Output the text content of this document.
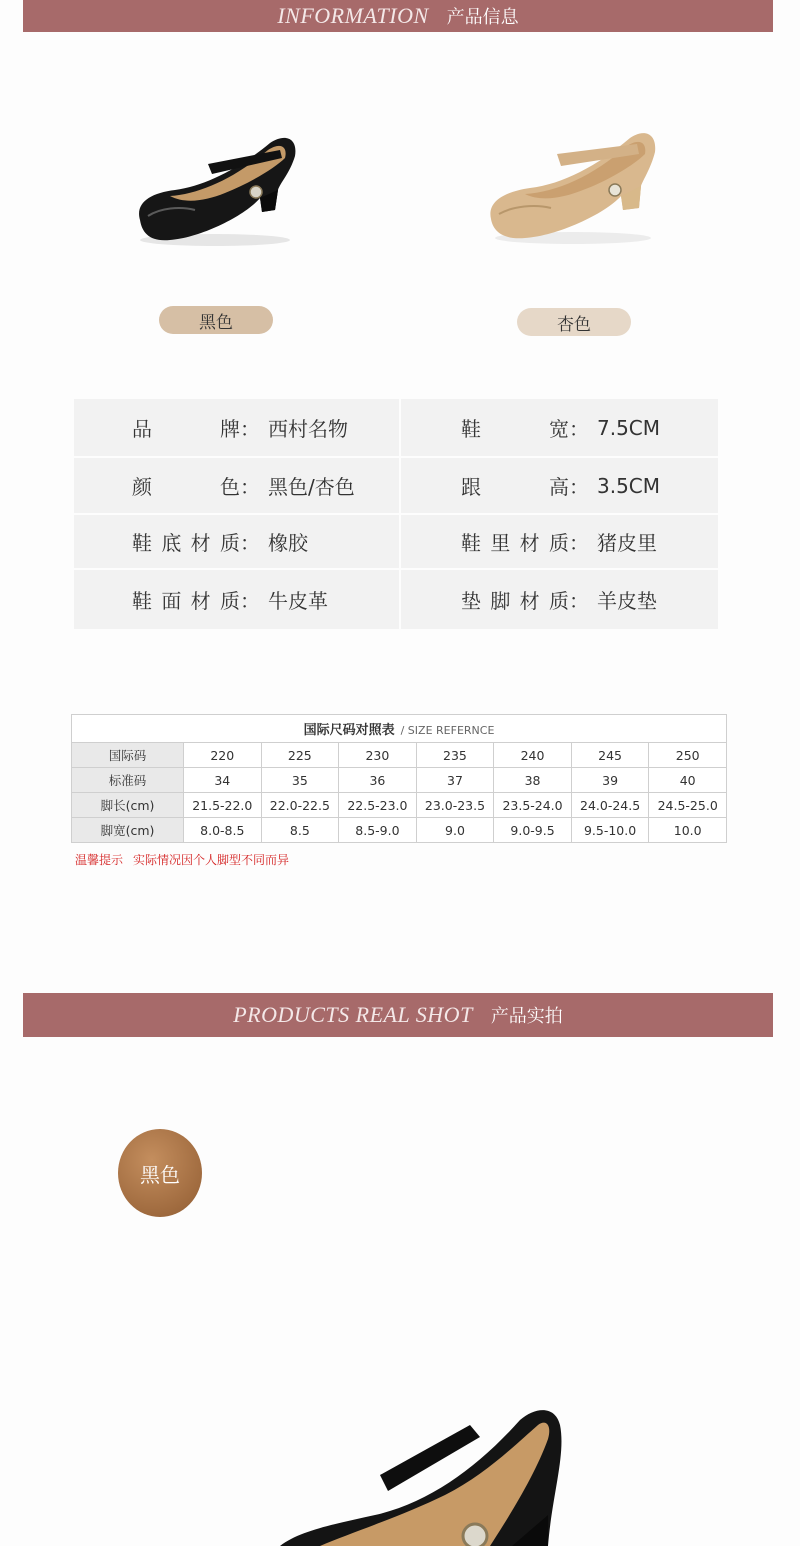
INFORMATION 产品信息
黑色	杏色
品牌 ： 西村名物	鞋宽 ： 7.5CM
颜色 ： 黑色/杏色	跟高 ： 3.5CM
鞋底材质 ： 橡胶	鞋里材质 ： 猪皮里
鞋面材质 ： 牛皮革	垫脚材质 ： 羊皮垫
国际尺码对照表 / SIZE REFERNCE							
国际码	220	225	230	235	240	245	250
标准码	34	35	36	37	38	39	40
脚长(cm)	21.5-22.0	22.0-22.5	22.5-23.0	23.0-23.5	23.5-24.0	24.0-24.5	24.5-25.0
脚宽(cm)	8.0-8.5	8.5	8.5-9.0	9.0	9.0-9.5	9.5-10.0	10.0
温馨提示 实际情况因个人脚型不同而异
PRODUCTS REAL SHOT 产品实拍
黑色
